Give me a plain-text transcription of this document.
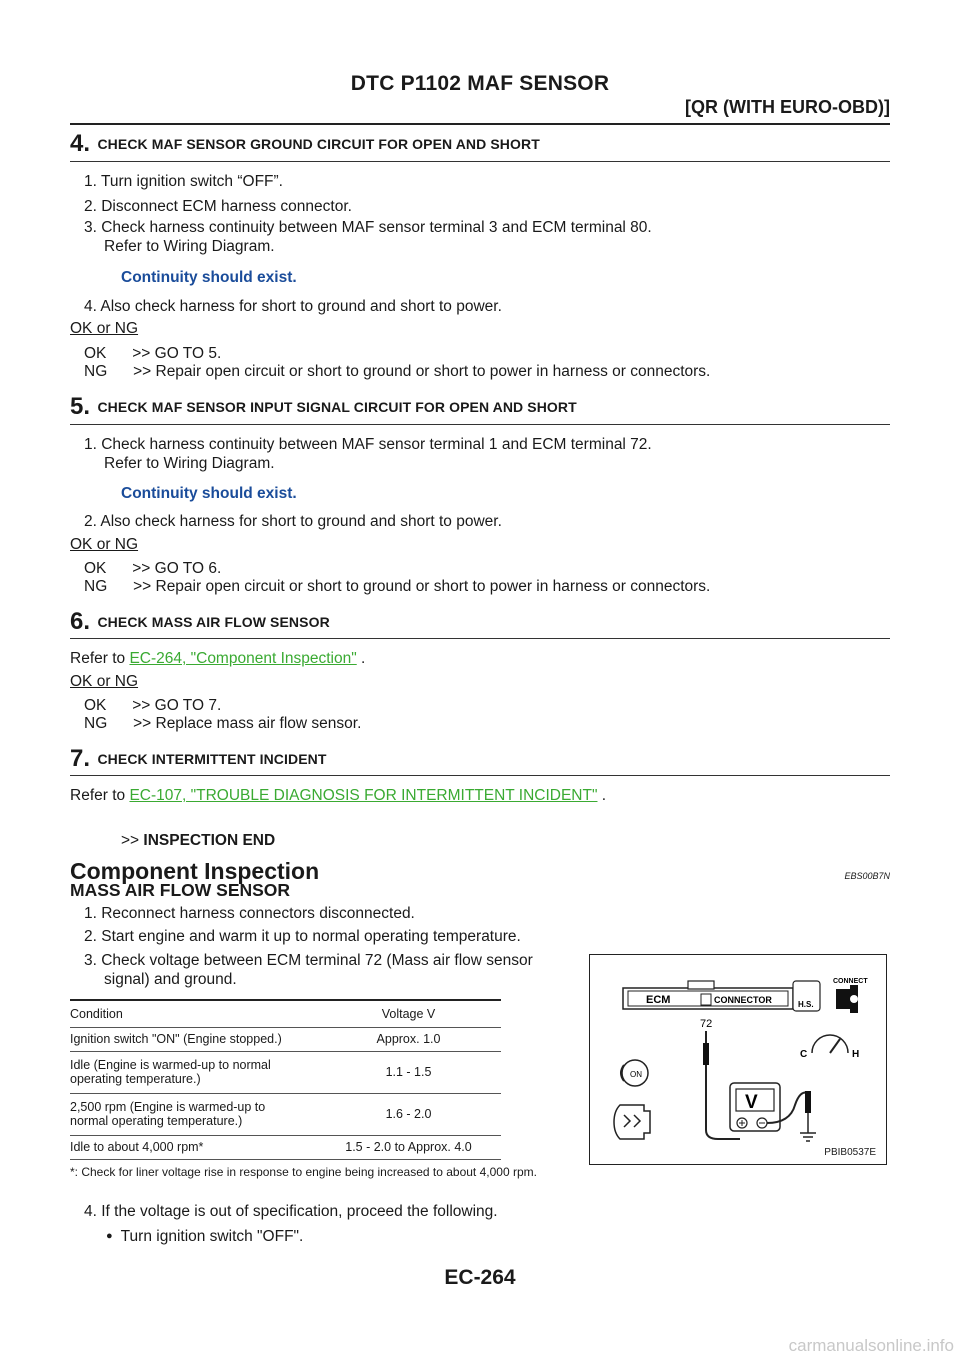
DTC P1102 MAF SENSOR
[QR (WITH EURO-OBD)]
4. CHECK MAF SENSOR GROUND CIRCUIT FOR OPEN AND SHORT
1. Turn ignition switch “OFF”.
2. Disconnect ECM harness connector.
3. Check harness continuity between MAF sensor terminal 3 and ECM terminal 80.
Refer to Wiring Diagram.
Continuity should exist.
4. Also check harness for short to ground and short to power.
OK or NG
OK      >> GO TO 5.
NG      >> Repair open circuit or short to ground or short to power in harness or connectors.
5. CHECK MAF SENSOR INPUT SIGNAL CIRCUIT FOR OPEN AND SHORT
1. Check harness continuity between MAF sensor terminal 1 and ECM terminal 72.
Refer to Wiring Diagram.
Continuity should exist.
2. Also check harness for short to ground and short to power.
OK or NG
OK      >> GO TO 6.
NG      >> Repair open circuit or short to ground or short to power in harness or connectors.
6. CHECK MASS AIR FLOW SENSOR
Refer to EC-264, "Component Inspection" .
OK or NG
OK      >> GO TO 7.
NG      >> Replace mass air flow sensor.
7. CHECK INTERMITTENT INCIDENT
Refer to EC-107, "TROUBLE DIAGNOSIS FOR INTERMITTENT INCIDENT" .
>> INSPECTION END
Component Inspection	EBS00B7N
MASS AIR FLOW SENSOR
1. Reconnect harness connectors disconnected.
2. Start engine and warm it up to normal operating temperature.
3. Check voltage between ECM terminal 72 (Mass air flow sensor
signal) and ground.
Condition	Voltage V
Ignition switch "ON" (Engine stopped.)	Approx. 1.0
Idle (Engine is warmed-up to normal
operating temperature.)	1.1 - 1.5
2,500 rpm (Engine is warmed-up to
normal operating temperature.)	1.6 - 2.0
Idle to about 4,000 rpm*	1.5 - 2.0 to Approx. 4.0
*: Check for liner voltage rise in response to engine being increased to about 4,000 rpm.
4. If the voltage is out of specification, proceed the following.
● Turn ignition switch "OFF".
ECM	CONNECTOR
72
H.S.
CONNECT
V
C	H
ON
PBIB0537E
EC-264
carmanualsonline.info
